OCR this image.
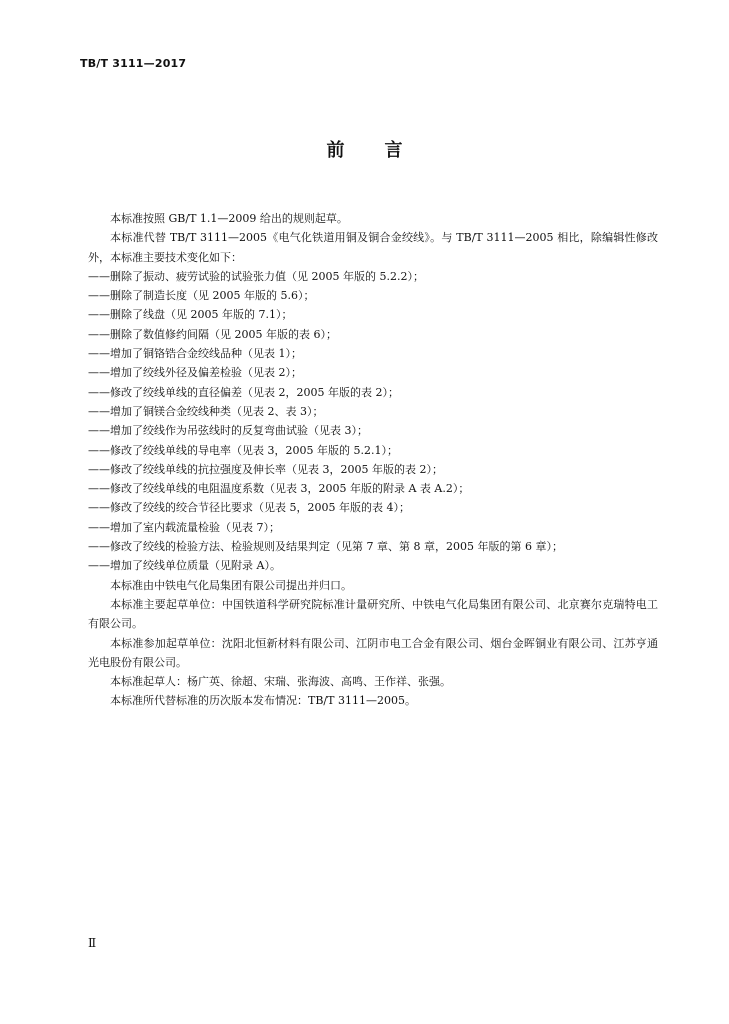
TB/T 3111—2017
前言

本标准按照 GB/T 1.1—2009 给出的规则起草。

本标准代替 TB/T 3111—2005《电气化铁道用铜及铜合金绞线》。与 TB/T 3111—2005 相比，除编辑性修改外，本标准主要技术变化如下：

——删除了振动、疲劳试验的试验张力值（见 2005 年版的 5.2.2）；

——删除了制造长度（见 2005 年版的 5.6）；

——删除了线盘（见 2005 年版的 7.1）；

——删除了数值修约间隔（见 2005 年版的表 6）；

——增加了铜铬锆合金绞线品种（见表 1）；

——增加了绞线外径及偏差检验（见表 2）；

——修改了绞线单线的直径偏差（见表 2，2005 年版的表 2）；

——增加了铜镁合金绞线种类（见表 2、表 3）；

——增加了绞线作为吊弦线时的反复弯曲试验（见表 3）；

——修改了绞线单线的导电率（见表 3，2005 年版的 5.2.1）；

——修改了绞线单线的抗拉强度及伸长率（见表 3，2005 年版的表 2）；

——修改了绞线单线的电阻温度系数（见表 3，2005 年版的附录 A 表 A.2）；

——修改了绞线的绞合节径比要求（见表 5，2005 年版的表 4）；

——增加了室内载流量检验（见表 7）；

——修改了绞线的检验方法、检验规则及结果判定（见第 7 章、第 8 章，2005 年版的第 6 章）；

——增加了绞线单位质量（见附录 A）。

本标准由中铁电气化局集团有限公司提出并归口。

本标准主要起草单位：中国铁道科学研究院标准计量研究所、中铁电气化局集团有限公司、北京赛尔克瑞特电工有限公司。

本标准参加起草单位：沈阳北恒新材料有限公司、江阴市电工合金有限公司、烟台金晖铜业有限公司、江苏亨通光电股份有限公司。

本标准起草人：杨广英、徐超、宋瑞、张海波、高鸣、王作祥、张强。

本标准所代替标准的历次版本发布情况：TB/T 3111—2005。

Ⅱ
